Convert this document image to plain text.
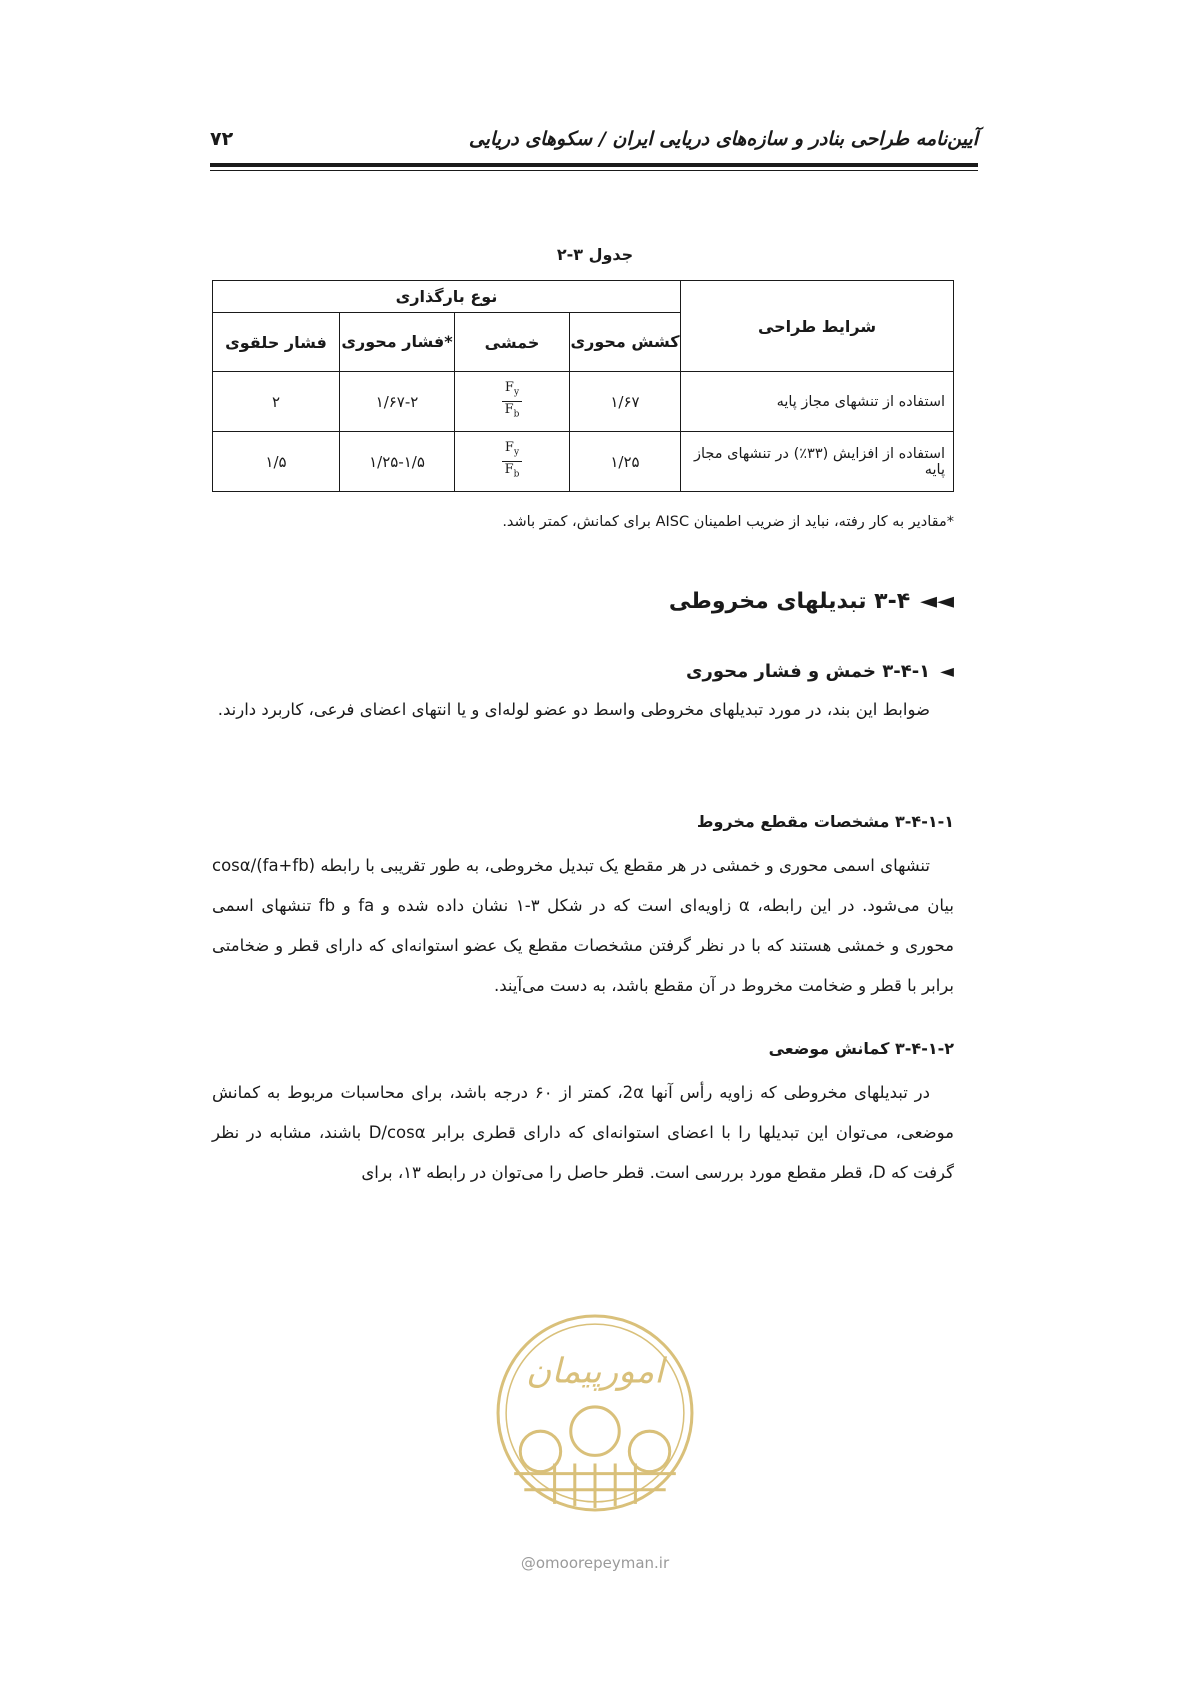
آیین‌نامه طراحی بنادر و سازه‌های دریایی ایران / سکوهای دریایی
۷۲
جدول ۳-۲
شرایط طراحی	نوع بارگذاری			
	کشش محوری	خمشی	*فشار محوری	فشار حلقوی
استفاده از تنشهای مجاز پایه	۱/۶۷	$\frac{F_y}{F_b}$	۱/۶۷-۲	۲
استفاده از افزایش (۳۳٪) در تنشهای مجاز پایه	۱/۲۵	$\frac{F_y}{F_b}$	۱/۲۵-۱/۵	۱/۵
*مقادیر به کار رفته، نباید از ضریب اطمینان AISC برای کمانش، کمتر باشد.
◄◄۳-۴ تبدیلهای مخروطی
◄۳-۴-۱ خمش و فشار محوری
ضوابط این بند، در مورد تبدیلهای مخروطی واسط دو عضو لوله‌ای و یا انتهای اعضای فرعی، کاربرد دارند.
۳-۴-۱-۱ مشخصات مقطع مخروط
تنشهای اسمی محوری و خمشی در هر مقطع یک تبدیل مخروطی، به طور تقریبی با رابطه (fa+fb)/cosα بیان می‌شود. در این رابطه، α زاویه‌ای است که در شکل ۳-۱ نشان داده شده و fa و fb تنشهای اسمی محوری و خمشی هستند که با در نظر گرفتن مشخصات مقطع یک عضو استوانه‌ای که دارای قطر و ضخامتی برابر با قطر و ضخامت مخروط در آن مقطع باشد، به دست می‌آیند.
۳-۴-۱-۲ کمانش موضعی
در تبدیلهای مخروطی که زاویه رأس آنها 2α، کمتر از ۶۰ درجه باشد، برای محاسبات مربوط به کمانش موضعی، می‌توان این تبدیلها را با اعضای استوانه‌ای که دارای قطری برابر D/cosα باشند، مشابه در نظر گرفت که D، قطر مقطع مورد بررسی است. قطر حاصل را می‌توان در رابطه ۱۳، برای
امورپیمان
@omoorepeyman.ir
